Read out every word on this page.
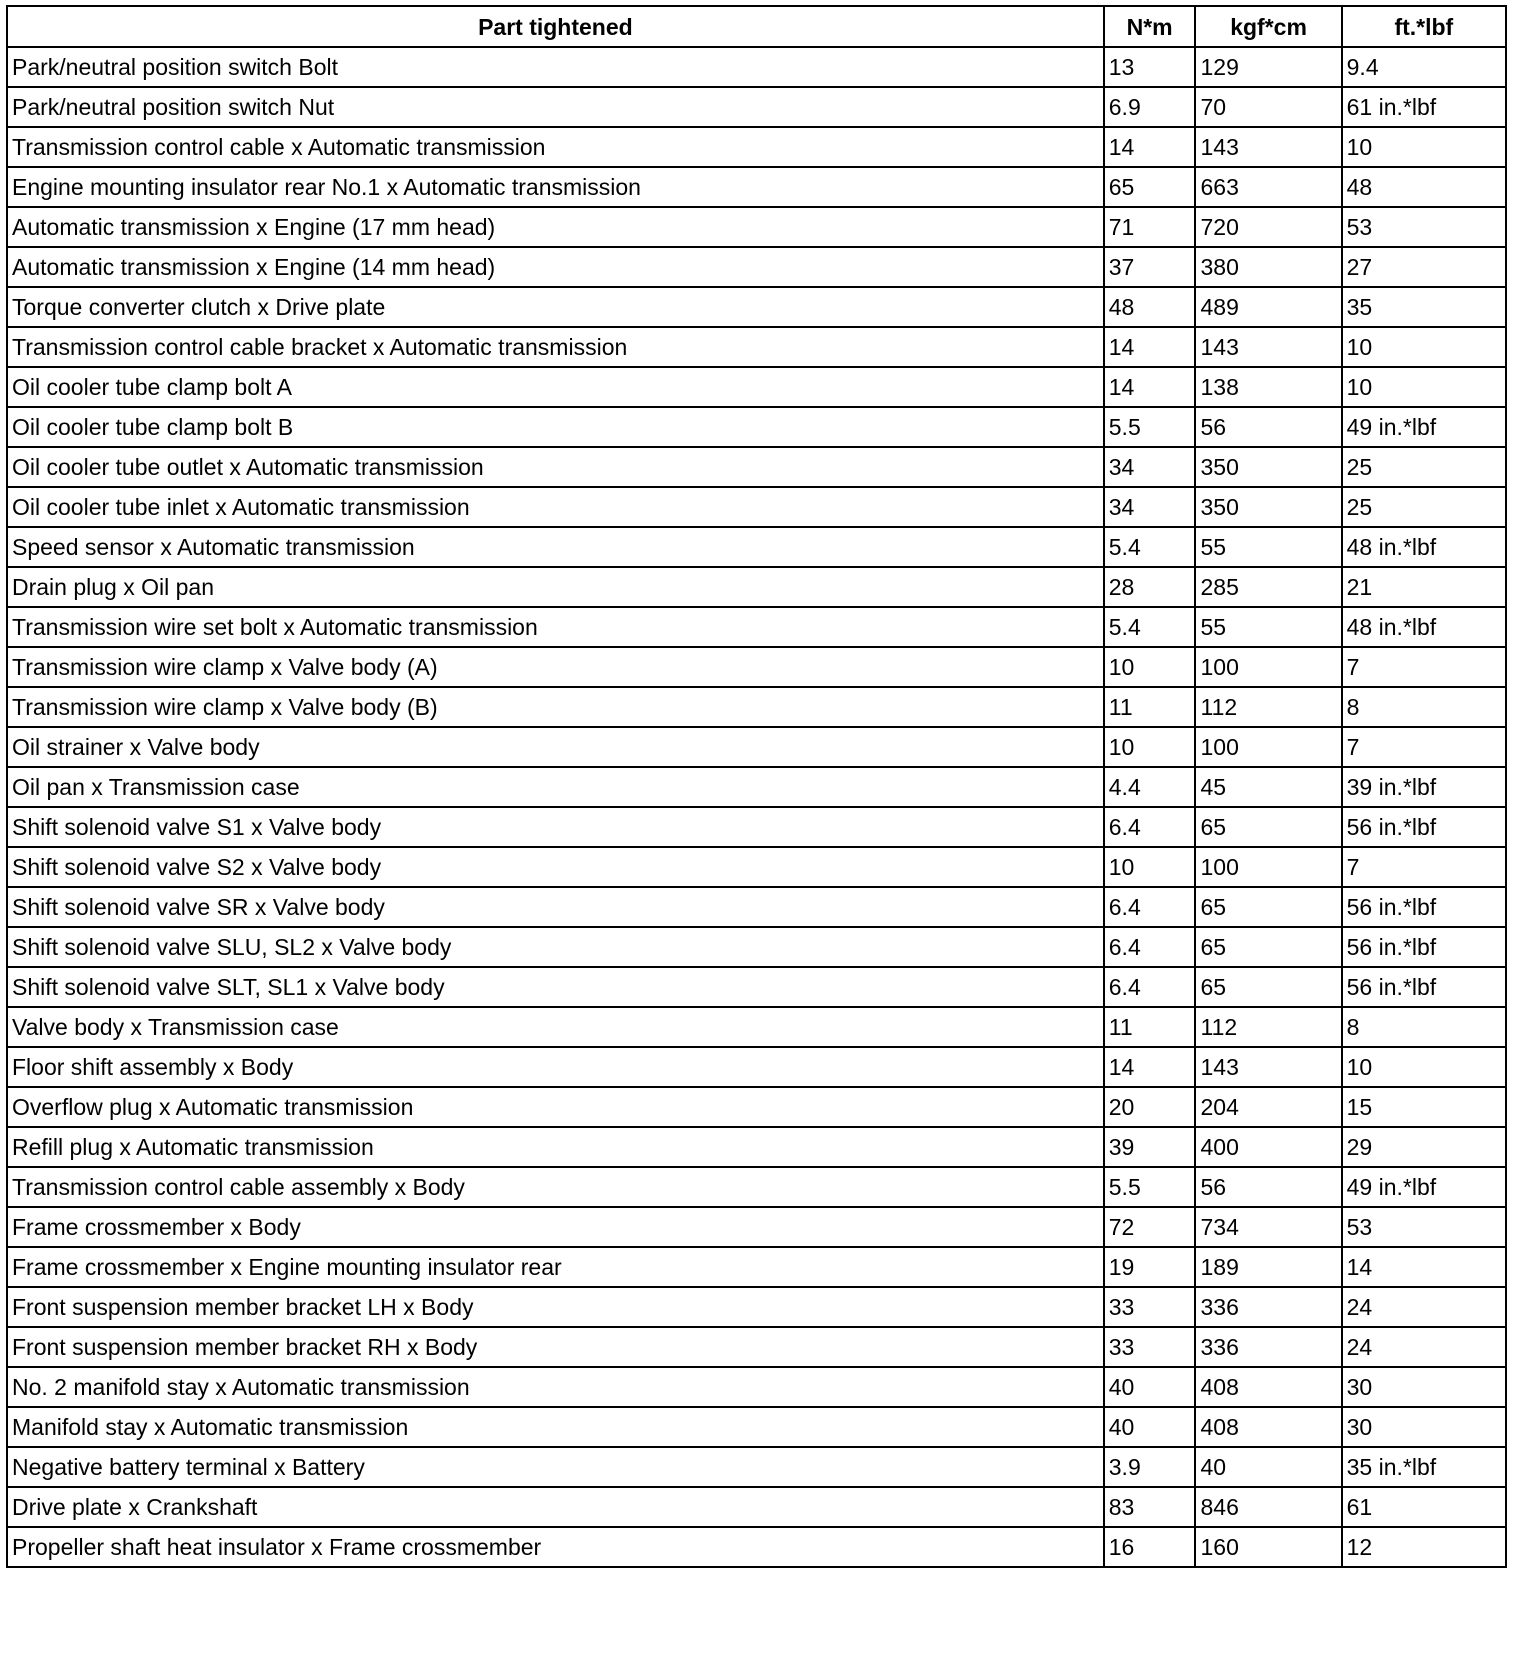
Part tightened	N*m	kgf*cm	ft.*lbf
Park/neutral position switch Bolt	13	129	9.4
Park/neutral position switch Nut	6.9	70	61 in.*lbf
Transmission control cable x Automatic transmission	14	143	10
Engine mounting insulator rear No.1 x Automatic transmission	65	663	48
Automatic transmission x Engine (17 mm head)	71	720	53
Automatic transmission x Engine (14 mm head)	37	380	27
Torque converter clutch x Drive plate	48	489	35
Transmission control cable bracket x Automatic transmission	14	143	10
Oil cooler tube clamp bolt A	14	138	10
Oil cooler tube clamp bolt B	5.5	56	49 in.*lbf
Oil cooler tube outlet x Automatic transmission	34	350	25
Oil cooler tube inlet x Automatic transmission	34	350	25
Speed sensor x Automatic transmission	5.4	55	48 in.*lbf
Drain plug x Oil pan	28	285	21
Transmission wire set bolt x Automatic transmission	5.4	55	48 in.*lbf
Transmission wire clamp x Valve body (A)	10	100	7
Transmission wire clamp x Valve body (B)	11	112	8
Oil strainer x Valve body	10	100	7
Oil pan x Transmission case	4.4	45	39 in.*lbf
Shift solenoid valve S1 x Valve body	6.4	65	56 in.*lbf
Shift solenoid valve S2 x Valve body	10	100	7
Shift solenoid valve SR x Valve body	6.4	65	56 in.*lbf
Shift solenoid valve SLU, SL2 x Valve body	6.4	65	56 in.*lbf
Shift solenoid valve SLT, SL1 x Valve body	6.4	65	56 in.*lbf
Valve body x Transmission case	11	112	8
Floor shift assembly x Body	14	143	10
Overflow plug x Automatic transmission	20	204	15
Refill plug x Automatic transmission	39	400	29
Transmission control cable assembly x Body	5.5	56	49 in.*lbf
Frame crossmember x Body	72	734	53
Frame crossmember x Engine mounting insulator rear	19	189	14
Front suspension member bracket LH x Body	33	336	24
Front suspension member bracket RH x Body	33	336	24
No. 2 manifold stay x Automatic transmission	40	408	30
Manifold stay x Automatic transmission	40	408	30
Negative battery terminal x Battery	3.9	40	35 in.*lbf
Drive plate x Crankshaft	83	846	61
Propeller shaft heat insulator x Frame crossmember	16	160	12
